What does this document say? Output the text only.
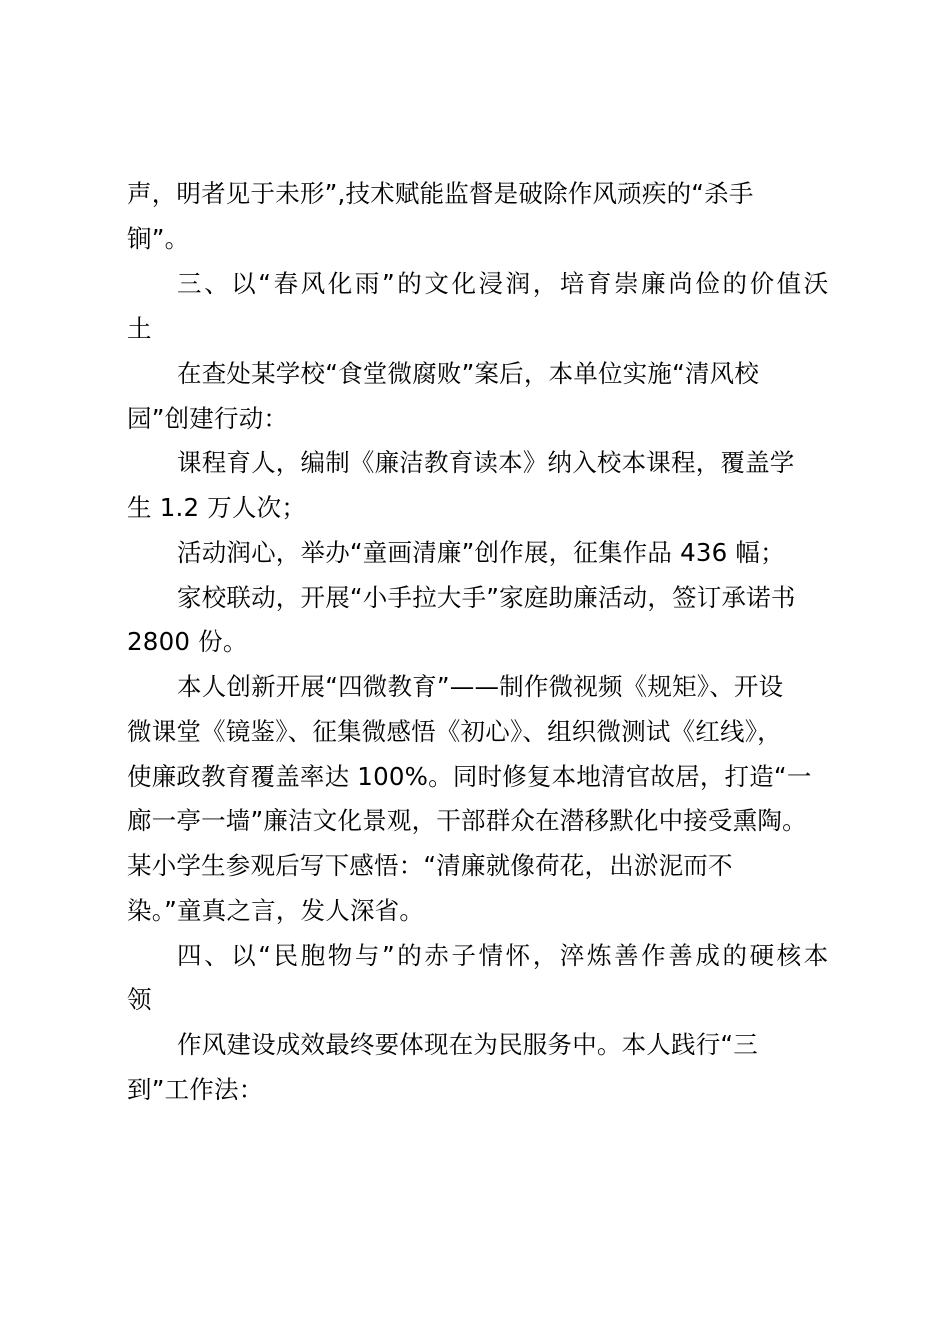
声，明者见于未形”,技术赋能监督是破除作风顽疾的“杀手
锏”。
三、以“春风化雨”的文化浸润，培育崇廉尚俭的价值沃
土
在查处某学校“食堂微腐败”案后，本单位实施“清风校
园”创建行动：
课程育人，编制《廉洁教育读本》纳入校本课程，覆盖学
生 1.2 万人次；
活动润心，举办“童画清廉”创作展，征集作品 436 幅；
家校联动，开展“小手拉大手”家庭助廉活动，签订承诺书
2800 份。
本人创新开展“四微教育”——制作微视频《规矩》、开设
微课堂《镜鉴》、征集微感悟《初心》、组织微测试《红线》，
使廉政教育覆盖率达 100%。同时修复本地清官故居，打造“一
廊一亭一墙”廉洁文化景观，干部群众在潜移默化中接受熏陶。
某小学生参观后写下感悟：“清廉就像荷花，出淤泥而不
染。”童真之言，发人深省。
四、以“民胞物与”的赤子情怀，淬炼善作善成的硬核本
领
作风建设成效最终要体现在为民服务中。本人践行“三
到”工作法：
